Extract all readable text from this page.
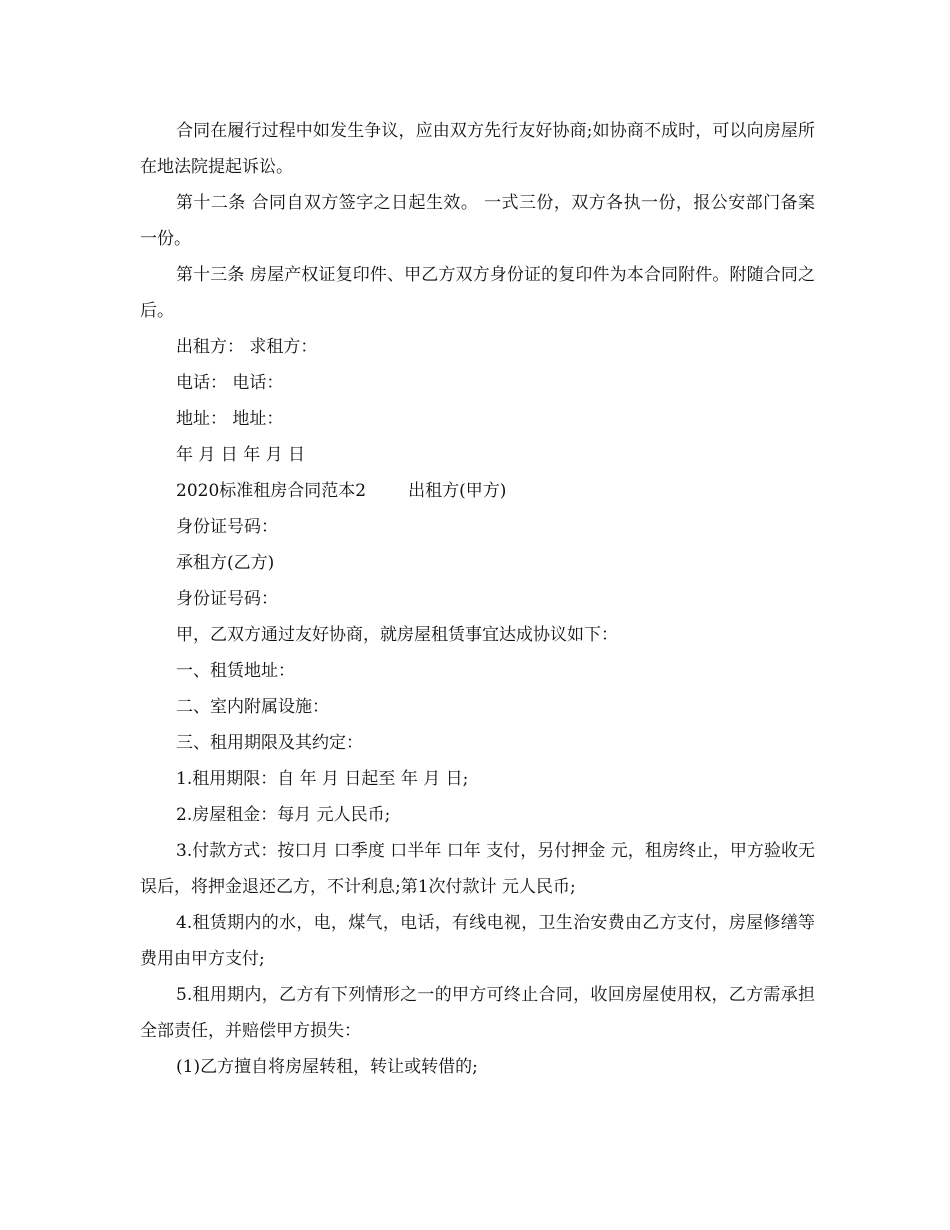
合同在履行过程中如发生争议，应由双方先行友好协商;如协商不成时，可以向房屋所在地法院提起诉讼。

第十二条 合同自双方签字之日起生效。 一式三份，双方各执一份，报公安部门备案一份。

第十三条 房屋产权证复印件、甲乙方双方身份证的复印件为本合同附件。附随合同之后。

出租方： 求租方：

电话： 电话：

地址： 地址：

年 月 日 年 月 日

2020标准租房合同范本2 出租方(甲方)

身份证号码：

承租方(乙方)

身份证号码：

甲，乙双方通过友好协商，就房屋租赁事宜达成协议如下：

一、租赁地址：

二、室内附属设施：

三、租用期限及其约定：

1.租用期限：自 年 月 日起至 年 月 日;

2.房屋租金：每月 元人民币;

3.付款方式：按口月 口季度 口半年 口年 支付，另付押金 元，租房终止，甲方验收无误后，将押金退还乙方，不计利息;第1次付款计 元人民币;

4.租赁期内的水，电，煤气，电话，有线电视，卫生治安费由乙方支付，房屋修缮等费用由甲方支付;

5.租用期内，乙方有下列情形之一的甲方可终止合同，收回房屋使用权，乙方需承担全部责任，并赔偿甲方损失：

(1)乙方擅自将房屋转租，转让或转借的;
